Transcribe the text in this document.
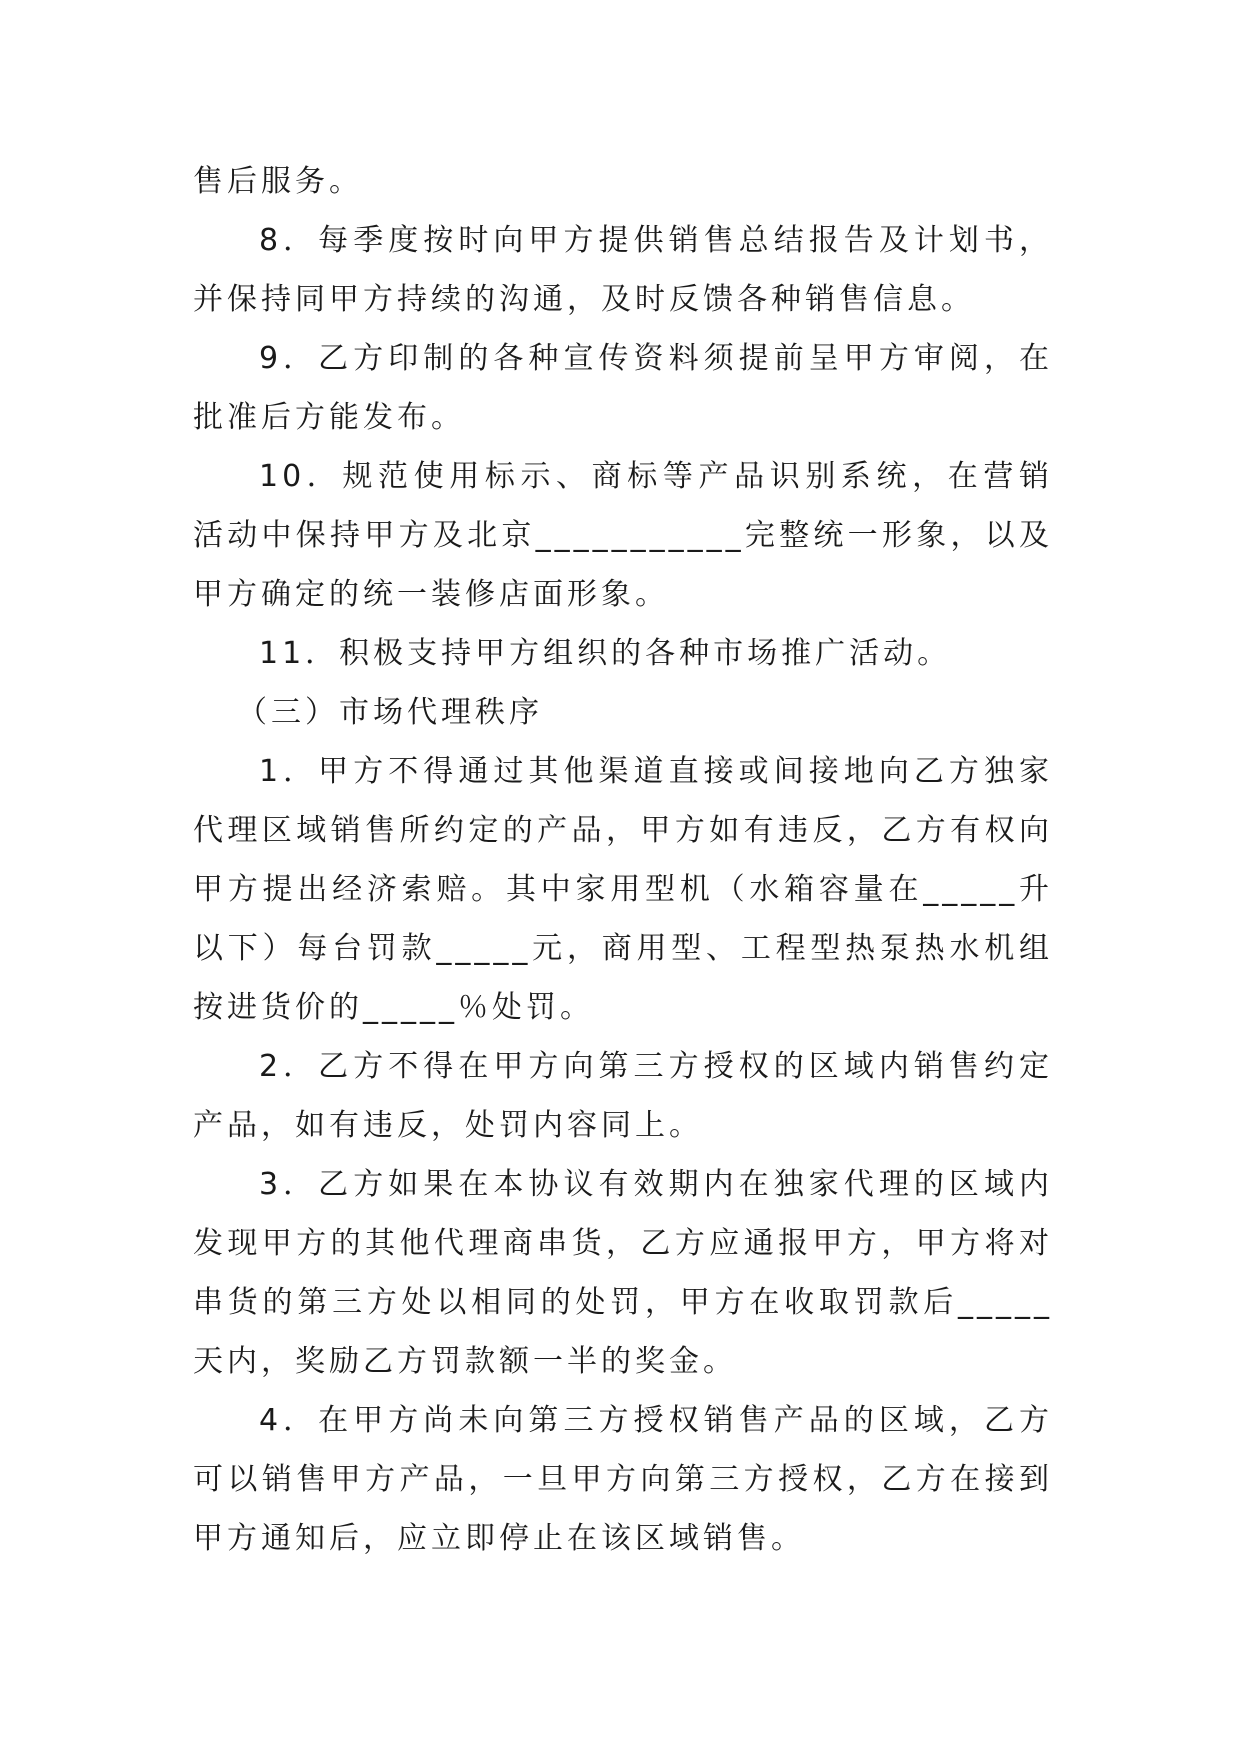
售后服务。

8．每季度按时向甲方提供销售总结报告及计划书，并保持同甲方持续的沟通，及时反馈各种销售信息。

9．乙方印制的各种宣传资料须提前呈甲方审阅，在批准后方能发布。

10．规范使用标示、商标等产品识别系统，在营销活动中保持甲方及北京___________完整统一形象，以及甲方确定的统一装修店面形象。

11．积极支持甲方组织的各种市场推广活动。

（三）市场代理秩序

1．甲方不得通过其他渠道直接或间接地向乙方独家代理区域销售所约定的产品，甲方如有违反，乙方有权向甲方提出经济索赔。其中家用型机（水箱容量在_____升以下）每台罚款_____元，商用型、工程型热泵热水机组按进货价的_____％处罚。

2．乙方不得在甲方向第三方授权的区域内销售约定产品，如有违反，处罚内容同上。

3．乙方如果在本协议有效期内在独家代理的区域内发现甲方的其他代理商串货，乙方应通报甲方，甲方将对串货的第三方处以相同的处罚，甲方在收取罚款后_____天内，奖励乙方罚款额一半的奖金。

4．在甲方尚未向第三方授权销售产品的区域，乙方可以销售甲方产品，一旦甲方向第三方授权，乙方在接到甲方通知后，应立即停止在该区域销售。
